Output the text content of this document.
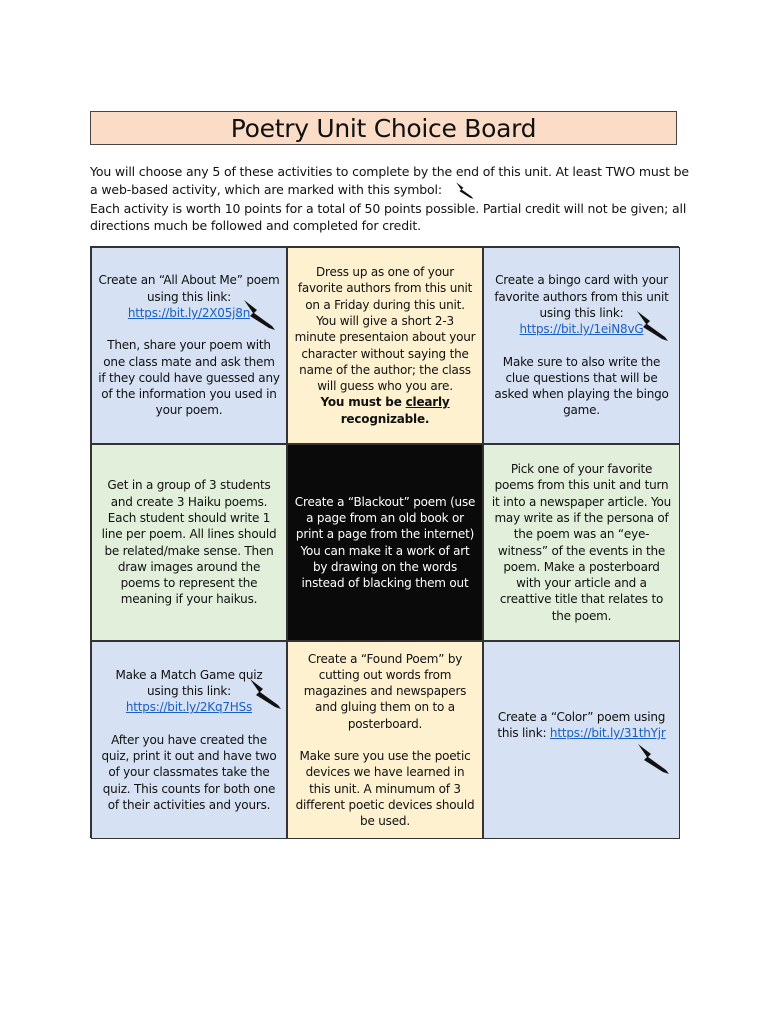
Poetry Unit Choice Board

You will choose any 5 of these activities to complete by the end of this unit. At least TWO must be a web-based activity, which are marked with this symbol:

Each activity is worth 10 points for a total of 50 points possible. Partial credit will not be given; all directions much be followed and completed for credit.

Create an “All About Me” poem using this link:

https://bit.ly/2X05j8n

Then, share your poem with one class mate and ask them if they could have guessed any of the information you used in your poem.

Dress up as one of your favorite authors from this unit on a Friday during this unit.

You will give a short 2-3 minute presentaion about your character without saying the name of the author; the class will guess who you are.

You must be clearly recognizable.

Create a bingo card with your favorite authors from this unit using this link:

https://bit.ly/1eiN8vG

Make sure to also write the clue questions that will be asked when playing the bingo game.

Get in a group of 3 students and create 3 Haiku poems. Each student should write 1 line per poem. All lines should be related/make sense. Then draw images around the poems to represent the meaning if your haikus.

Create a “Blackout” poem (use a page from an old book or print a page from the internet) You can make it a work of art by drawing on the words instead of blacking them out

Pick one of your favorite poems from this unit and turn it into a newspaper article. You may write as if the persona of the poem was an “eye-witness” of the events in the poem. Make a posterboard with your article and a creattive title that relates to the poem.

Make a Match Game quiz using this link:

https://bit.ly/2Kq7HSs

After you have created the quiz, print it out and have two of your classmates take the quiz. This counts for both one of their activities and yours.

Create a “Found Poem” by cutting out words from magazines and newspapers and gluing them on to a posterboard.

Make sure you use the poetic devices we have learned in this unit. A minumum of 3 different poetic devices should be used.

Create a “Color” poem using this link: https://bit.ly/31thYjr
